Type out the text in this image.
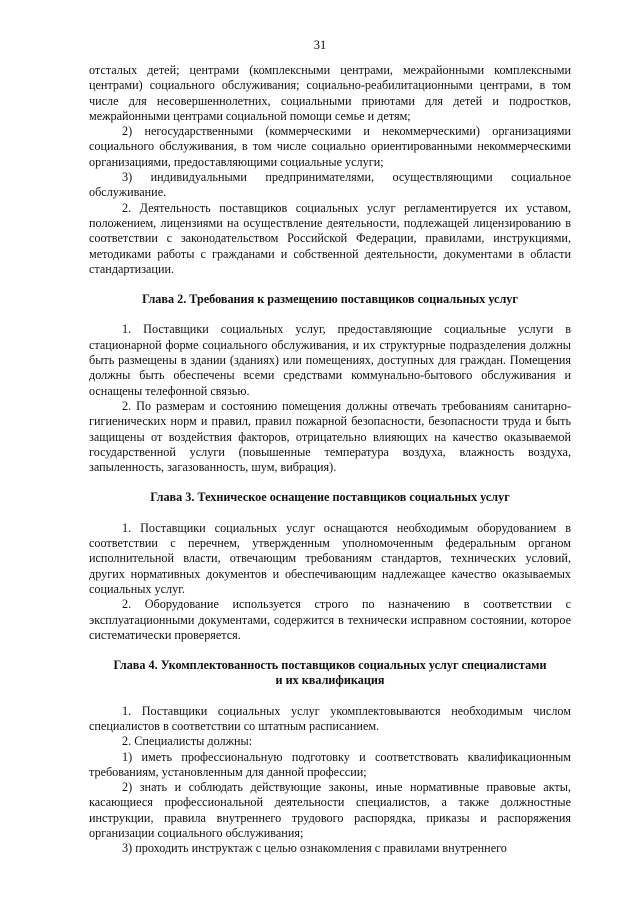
31

отсталых детей; центрами (комплексными центрами, межрайонными комплексными центрами) социального обслуживания; социально-реабилитационными центрами, в том числе для несовершеннолетних, социальными приютами для детей и подростков, межрайонными центрами социальной помощи семье и детям;

2) негосударственными (коммерческими и некоммерческими) организациями социального обслуживания, в том числе социально ориентированными некоммерческими организациями, предоставляющими социальные услуги;

3) индивидуальными предпринимателями, осуществляющими социальное обслуживание.

2. Деятельность поставщиков социальных услуг регламентируется их уставом, положением, лицензиями на осуществление деятельности, подлежащей лицензированию в соответствии с законодательством Российской Федерации, правилами, инструкциями, методиками работы с гражданами и собственной деятельности, документами в области стандартизации.

Глава 2. Требования к размещению поставщиков социальных услуг

1. Поставщики социальных услуг, предоставляющие социальные услуги в стационарной форме социального обслуживания, и их структурные подразделения должны быть размещены в здании (зданиях) или помещениях, доступных для граждан. Помещения должны быть обеспечены всеми средствами коммунально-бытового обслуживания и оснащены телефонной связью.

2. По размерам и состоянию помещения должны отвечать требованиям санитарно-гигиенических норм и правил, правил пожарной безопасности, безопасности труда и быть защищены от воздействия факторов, отрицательно влияющих на качество оказываемой государственной услуги (повышенные температура воздуха, влажность воздуха, запыленность, загазованность, шум, вибрация).

Глава 3. Техническое оснащение поставщиков социальных услуг

1. Поставщики социальных услуг оснащаются необходимым оборудованием в соответствии с перечнем, утвержденным уполномоченным федеральным органом исполнительной власти, отвечающим требованиям стандартов, технических условий, других нормативных документов и обеспечивающим надлежащее качество оказываемых социальных услуг.

2. Оборудование используется строго по назначению в соответствии с эксплуатационными документами, содержится в технически исправном состоянии, которое систематически проверяется.

Глава 4. Укомплектованность поставщиков социальных услуг специалистами

и их квалификация

1. Поставщики социальных услуг укомплектовываются необходимым числом специалистов в соответствии со штатным расписанием.

2. Специалисты должны:

1) иметь профессиональную подготовку и соответствовать квалификационным требованиям, установленным для данной профессии;

2) знать и соблюдать действующие законы, иные нормативные правовые акты, касающиеся профессиональной деятельности специалистов, а также должностные инструкции, правила внутреннего трудового распорядка, приказы и распоряжения организации социального обслуживания;

3) проходить инструктаж с целью ознакомления с правилами внутреннего
